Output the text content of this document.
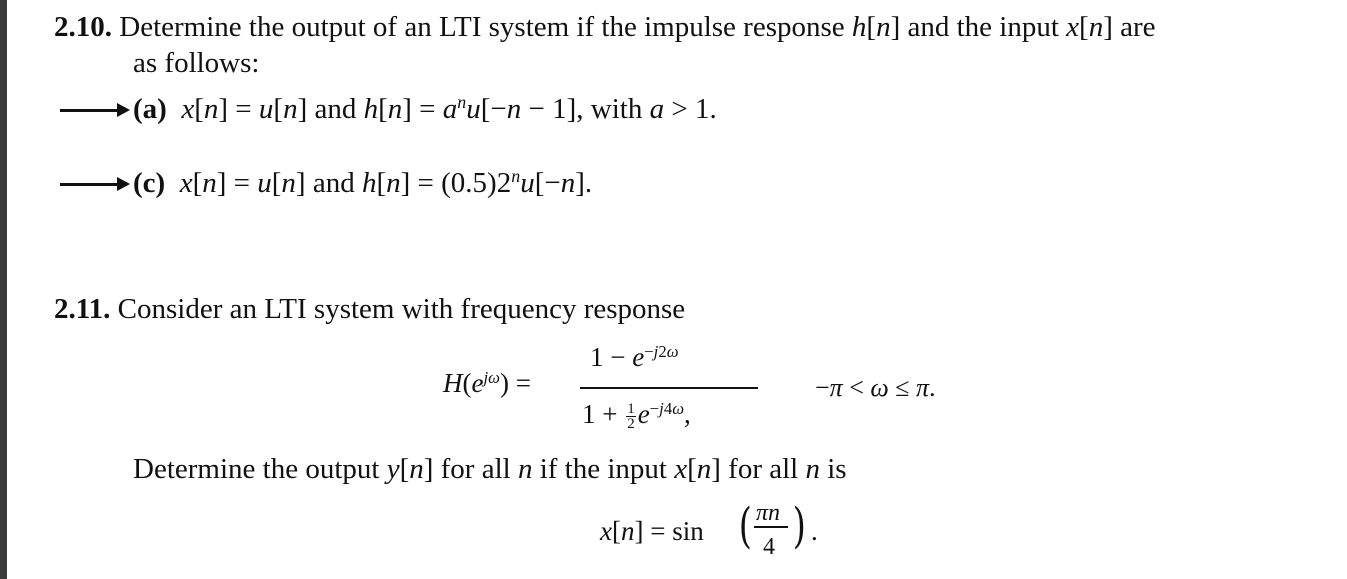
2.10. Determine the output of an LTI system if the impulse response h[n] and the input x[n] are
as follows:
(a) x[n] = u[n] and $h[n] = a^nu[-n - 1]$, with a > 1.
(c) x[n] = u[n] and $h[n] = (0.5)2^nu[-n]$.
2.11. Consider an LTI system with frequency response
$H(e^{j\omega})$ =
$1 - e^{-j2\omega}$
$1 + \frac{1}{2} e^{-j4\omega}$,
−π < ω ≤ π.
Determine the output y[n] for all n if the input x[n] for all n is
x[n] = sin ( πn
4 ) .
